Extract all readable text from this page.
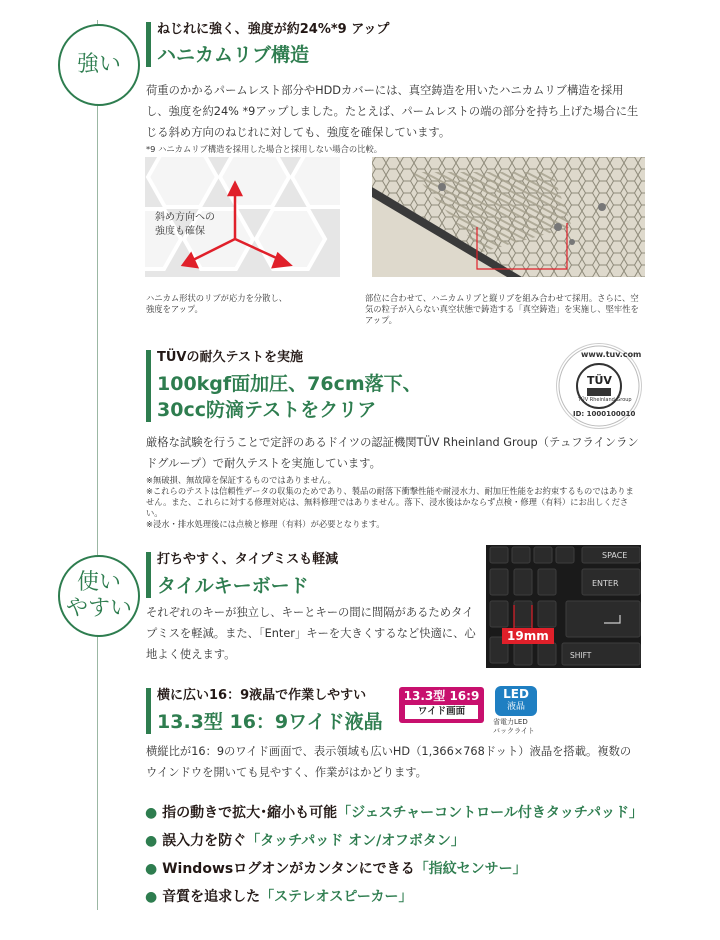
強い
ねじれに強く、強度が約24%*9 アップ
ハニカムリブ構造
荷重のかかるパームレスト部分やHDDカバーには、真空鋳造を用いたハニカムリブ構造を採用し、強度を約24% *9アップしました。たとえば、パームレストの端の部分を持ち上げた場合に生じる斜め方向のねじれに対しても、強度を確保しています。
*9 ハニカムリブ構造を採用した場合と採用しない場合の比較。
斜め方向への
強度も確保
ハニカム形状のリブが応力を分散し、
強度をアップ。
部位に合わせて、ハニカムリブと縦リブを組み合わせて採用。さらに、空気の粒子が入らない真空状態で鋳造する「真空鋳造」を実施し、堅牢性をアップ。
TÜVの耐久テストを実施
100kgf面加圧、76cm落下、
30cc防滴テストをクリア
www.tuv.com
TÜV
TÜV Rheinland Group
ID: 1000100010
厳格な試験を行うことで定評のあるドイツの認証機関TÜV Rheinland Group（テュフラインランドグループ）で耐久テストを実施しています。
※無破損、無故障を保証するものではありません。
※これらのテストは信頼性データの収集のためであり、製品の耐落下衝撃性能や耐浸水力、耐加圧性能をお約束するものではありません。また、これらに対する修理対応は、無料修理ではありません。落下、浸水後はかならず点検・修理（有料）にお出しください。
※浸水・排水処理後には点検と修理（有料）が必要となります。
使い
やすい
打ちやすく、タイプミスも軽減
タイルキーボード
それぞれのキーが独立し、キーとキーの間に間隔があるためタイプミスを軽減。また、「Enter」キーを大きくするなど快適に、心地よく使えます。
SPACE
ENTER
SHIFT
19mm
横に広い16：9液晶で作業しやすい
13.3型 16：9ワイド液晶
13.3型 16:9
ワイド画面
LED
液晶
省電力LED
バックライト
横縦比が16：9のワイド画面で、表示領域も広いHD（1,366×768ドット）液晶を搭載。複数のウインドウを開いても見やすく、作業がはかどります。
● 指の動きで拡大･縮小も可能「ジェスチャーコントロール付きタッチパッド」
● 誤入力を防ぐ「タッチパッド オン/オフボタン」
● Windowsログオンがカンタンにできる「指紋センサー」
● 音質を追求した「ステレオスピーカー」
